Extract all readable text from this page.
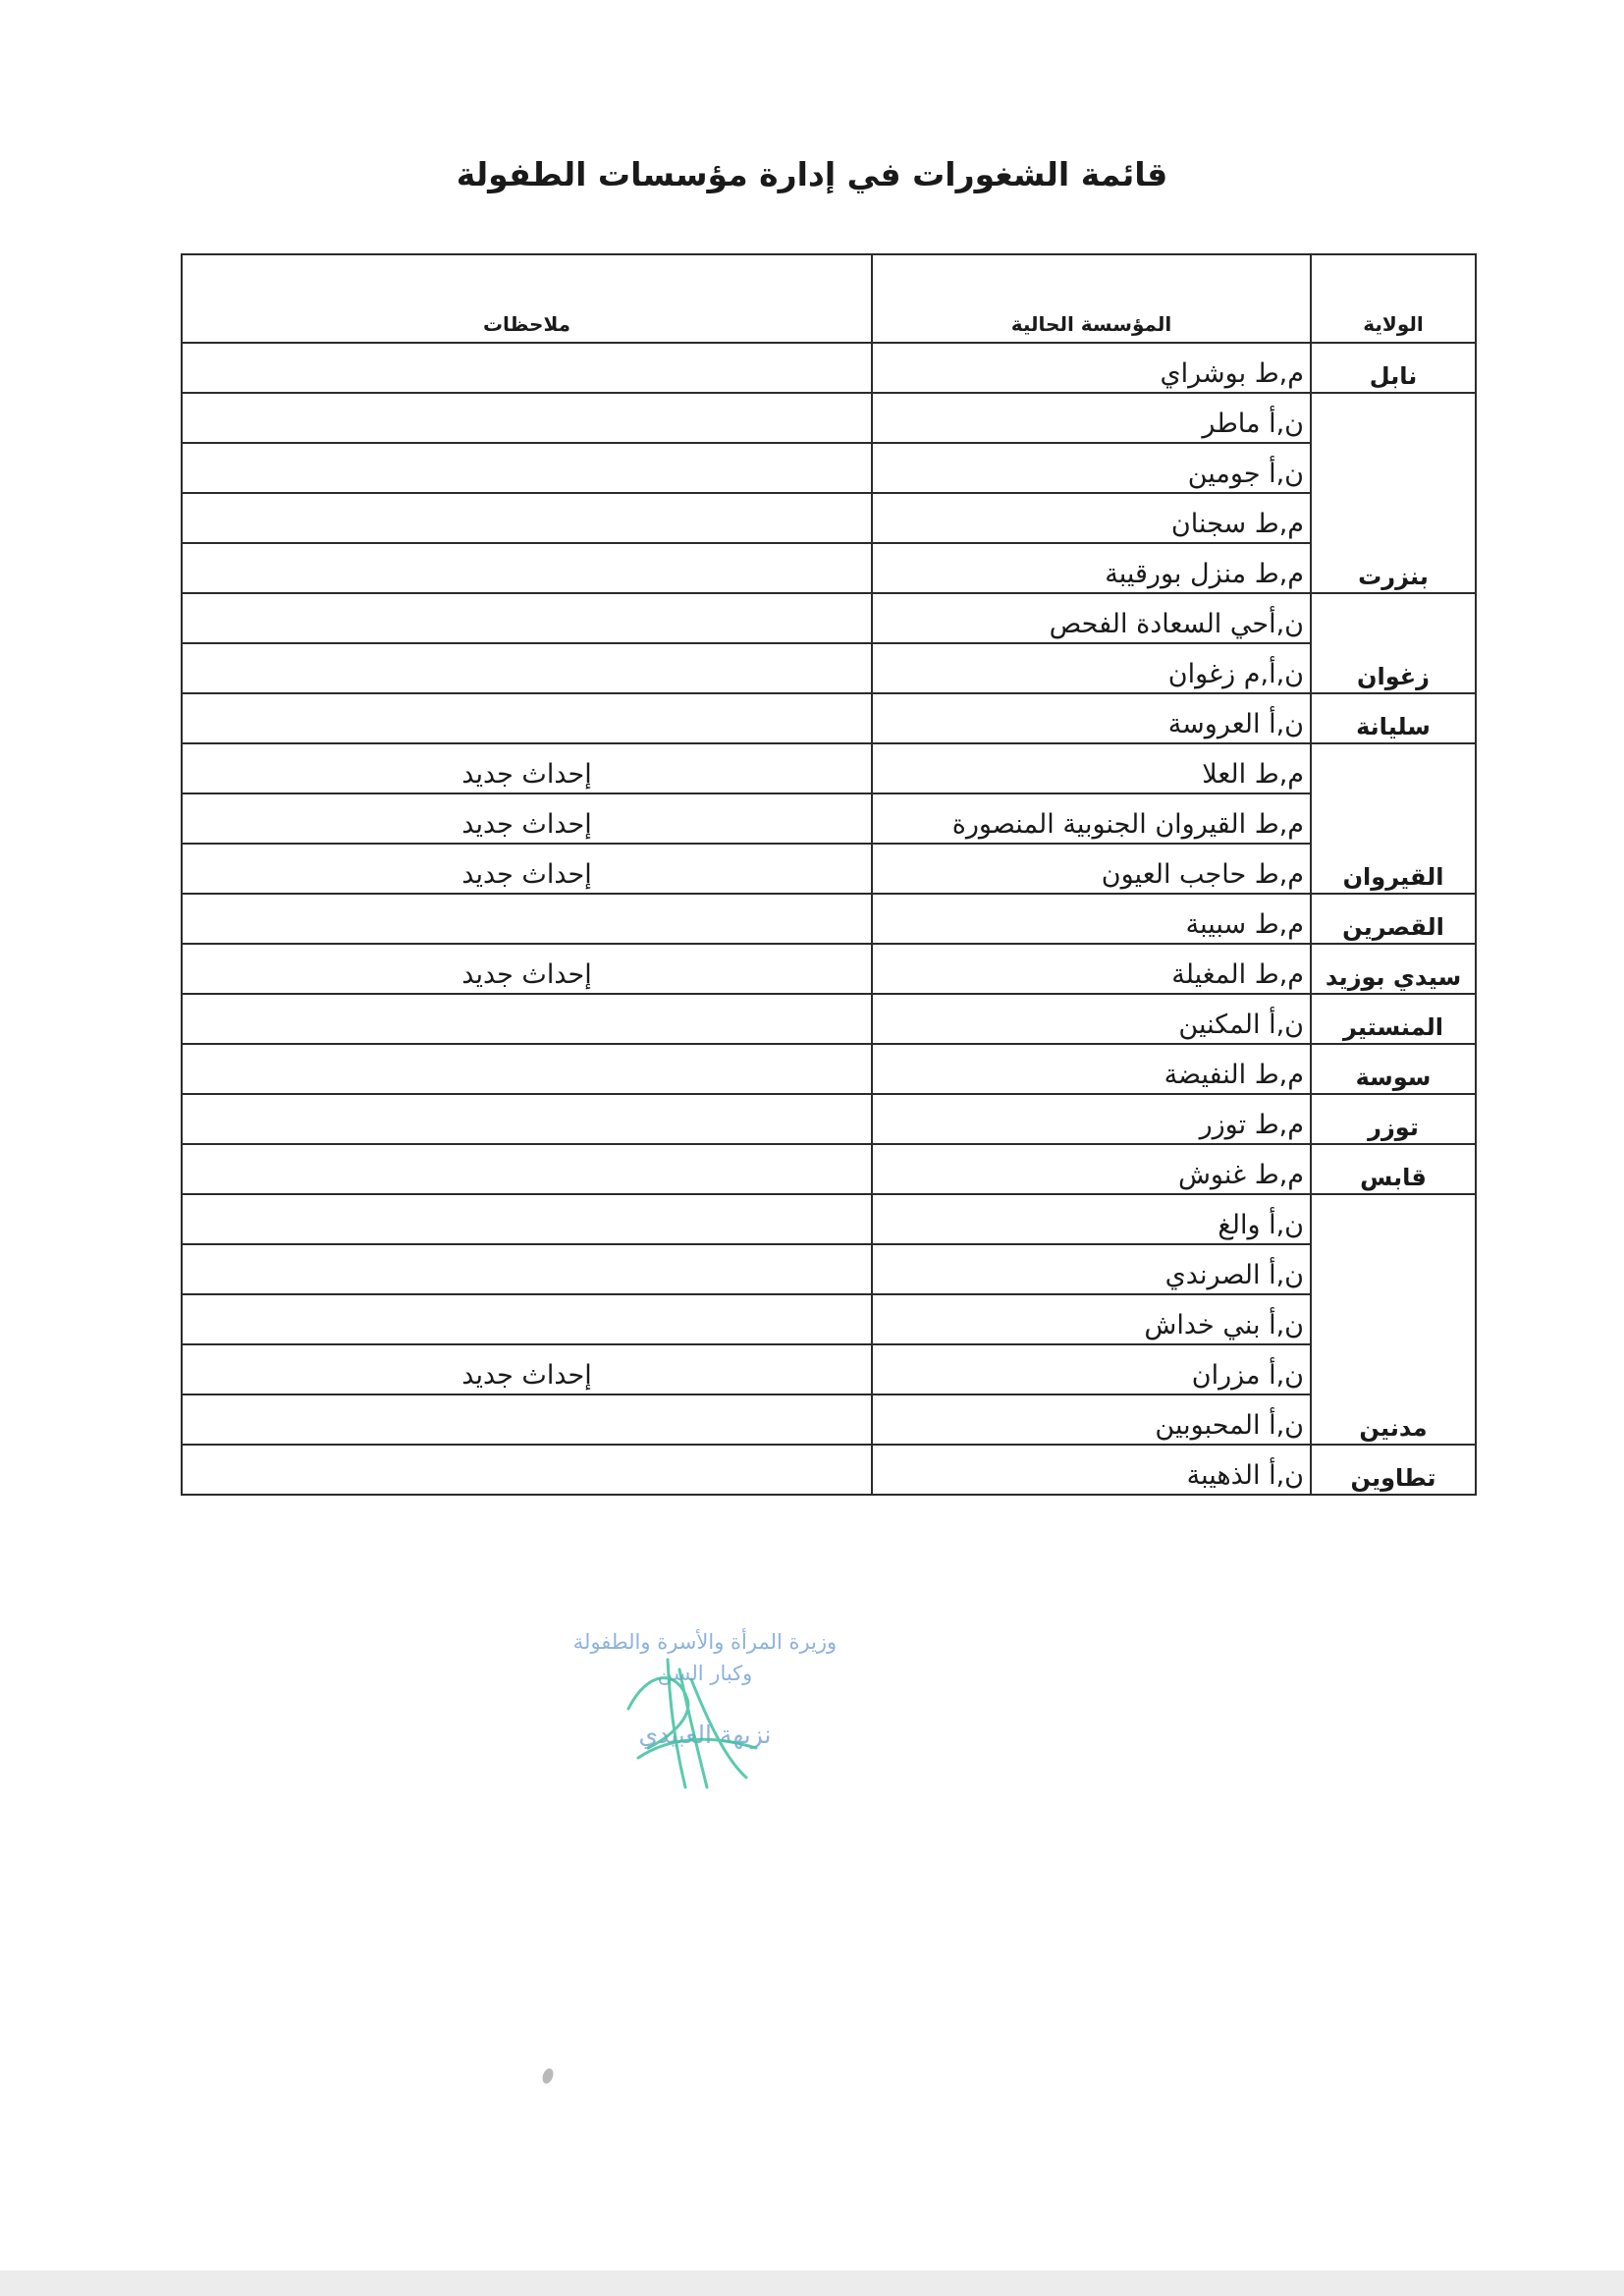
قائمة الشغورات في إدارة مؤسسات الطفولة
الولاية	المؤسسة الحالية	ملاحظات
نابل	م,ط بوشراي	
بنزرت	ن,أ ماطر	
	ن,أ جومين	
	م,ط سجنان	
	م,ط منزل بورقيبة	
زغوان	ن,أحي السعادة الفحص	
	ن,أ,م زغوان	
سليانة	ن,أ العروسة	
القيروان	م,ط العلا	إحداث جديد
	م,ط القيروان الجنوبية المنصورة	إحداث جديد
	م,ط حاجب العيون	إحداث جديد
القصرين	م,ط سبيبة	
سيدي بوزيد	م,ط المغيلة	إحداث جديد
المنستير	ن,أ المكنين	
سوسة	م,ط النفيضة	
توزر	م,ط توزر	
قابس	م,ط غنوش	
مدنين	ن,أ والغ	
	ن,أ الصرندي	
	ن,أ بني خداش	
	ن,أ مزران	إحداث جديد
	ن,أ المحبوبين	
تطاوين	ن,أ الذهيبة	
وزيرة المرأة والأسرة والطفولة
وكبار السن
نزيهة العبيدي
